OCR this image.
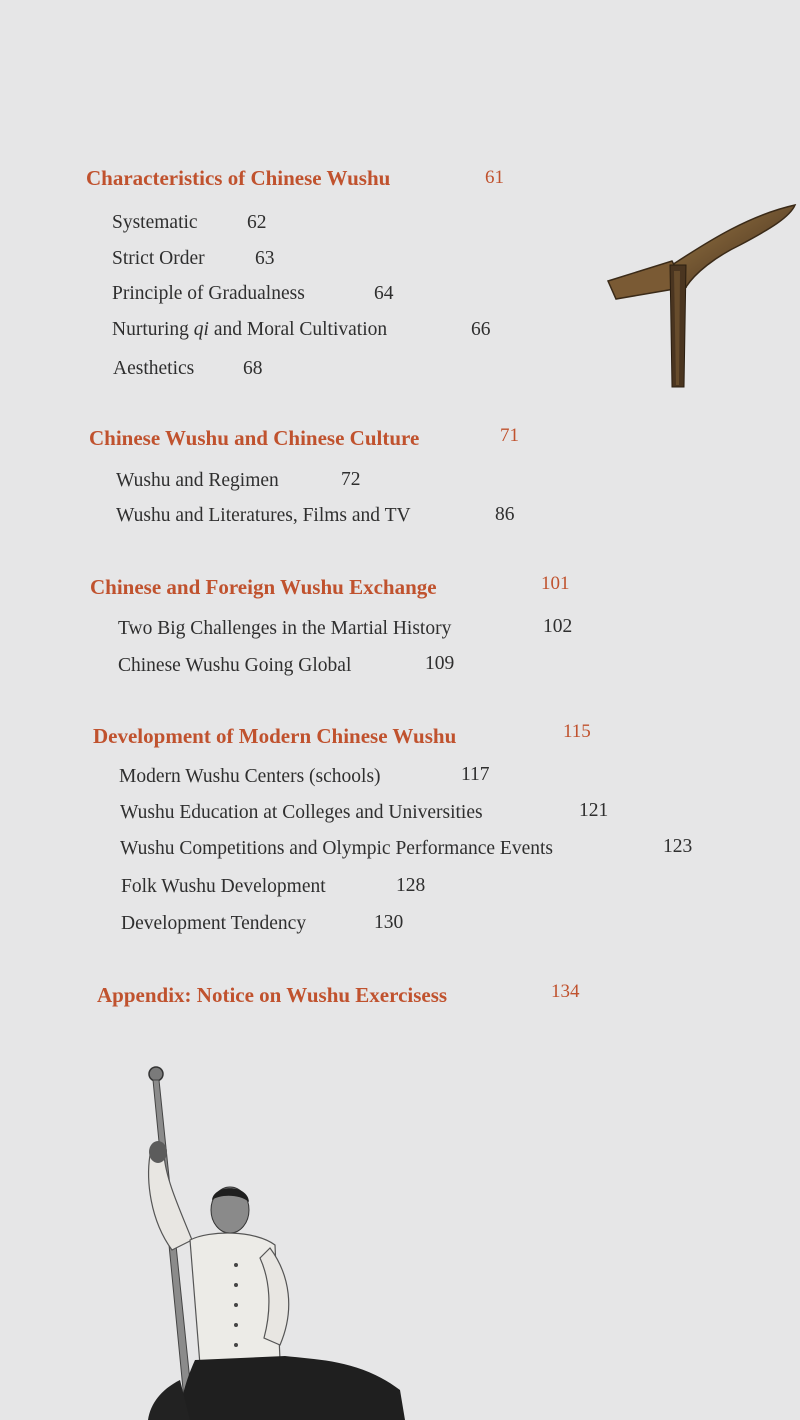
Characteristics of Chinese Wushu	61
Systematic	62
Strict Order	63
Principle of Gradualness	64
Nurturing qi and Moral Cultivation	66
Aesthetics	68
Chinese Wushu and Chinese Culture	71
Wushu and Regimen	72
Wushu and Literatures, Films and TV	86
Chinese and Foreign Wushu Exchange	101
Two Big Challenges in the Martial History	102
Chinese Wushu Going Global	109
Development of Modern Chinese Wushu	115
Modern Wushu Centers (schools)	117
Wushu Education at Colleges and Universities	121
Wushu Competitions and Olympic Performance Events	123
Folk Wushu Development	128
Development Tendency	130
Appendix: Notice on Wushu Exercisess	134
